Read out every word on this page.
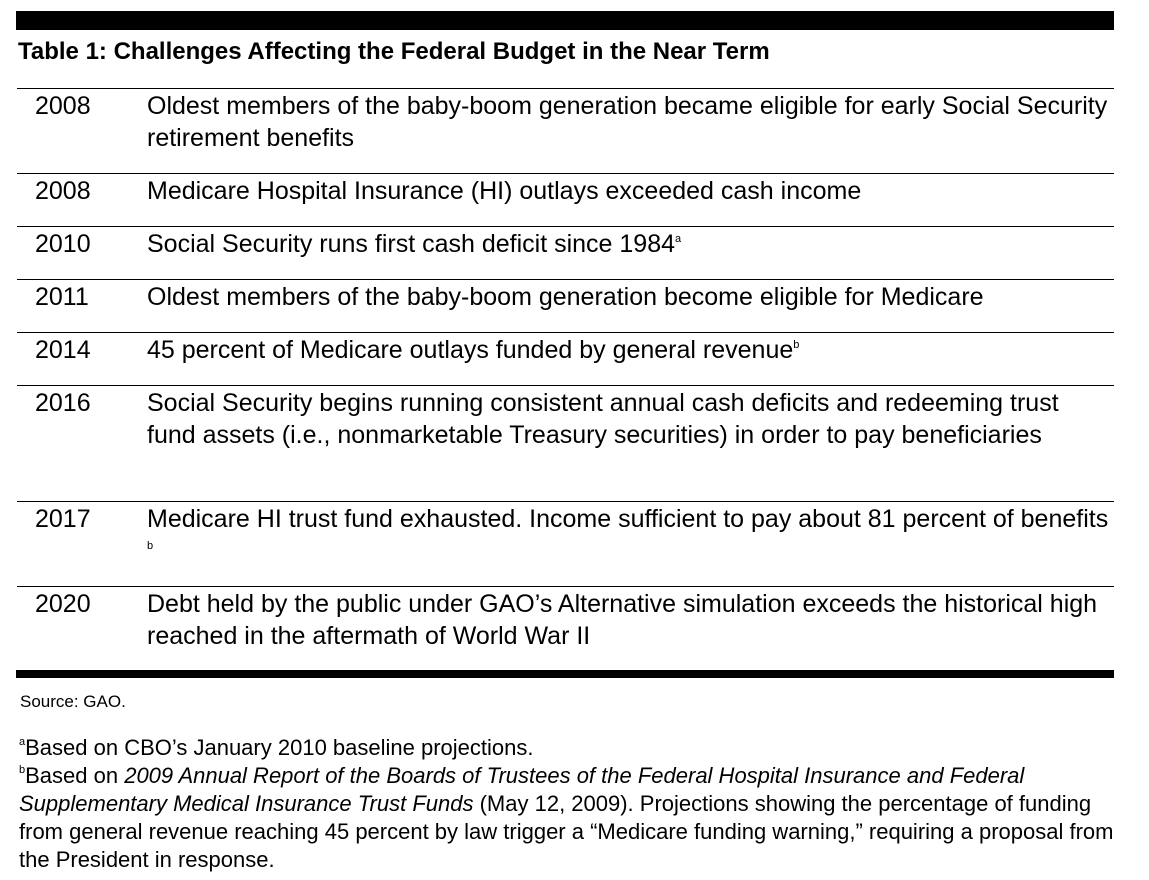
Table 1: Challenges Affecting the Federal Budget in the Near Term
2008	Oldest members of the baby-boom generation became eligible for early Social Security retirement benefits
2008	Medicare Hospital Insurance (HI) outlays exceeded cash income
2010	Social Security runs first cash deficit since 1984$^a$
2011	Oldest members of the baby-boom generation become eligible for Medicare
2014	45 percent of Medicare outlays funded by general revenue$^b$
2016	Social Security begins running consistent annual cash deficits and redeeming trust fund assets (i.e., nonmarketable Treasury securities) in order to pay beneficiaries
2017	Medicare HI trust fund exhausted. Income sufficient to pay about 81 percent of benefits $^b$
2020	Debt held by the public under GAO’s Alternative simulation exceeds the historical high reached in the aftermath of World War II
Source: GAO.

$^a$Based on CBO’s January 2010 baseline projections.

$^b$Based on 2009 Annual Report of the Boards of Trustees of the Federal Hospital Insurance and Federal Supplementary Medical Insurance Trust Funds (May 12, 2009). Projections showing the percentage of funding from general revenue reaching 45 percent by law trigger a “Medicare funding warning,” requiring a proposal from the President in response.
